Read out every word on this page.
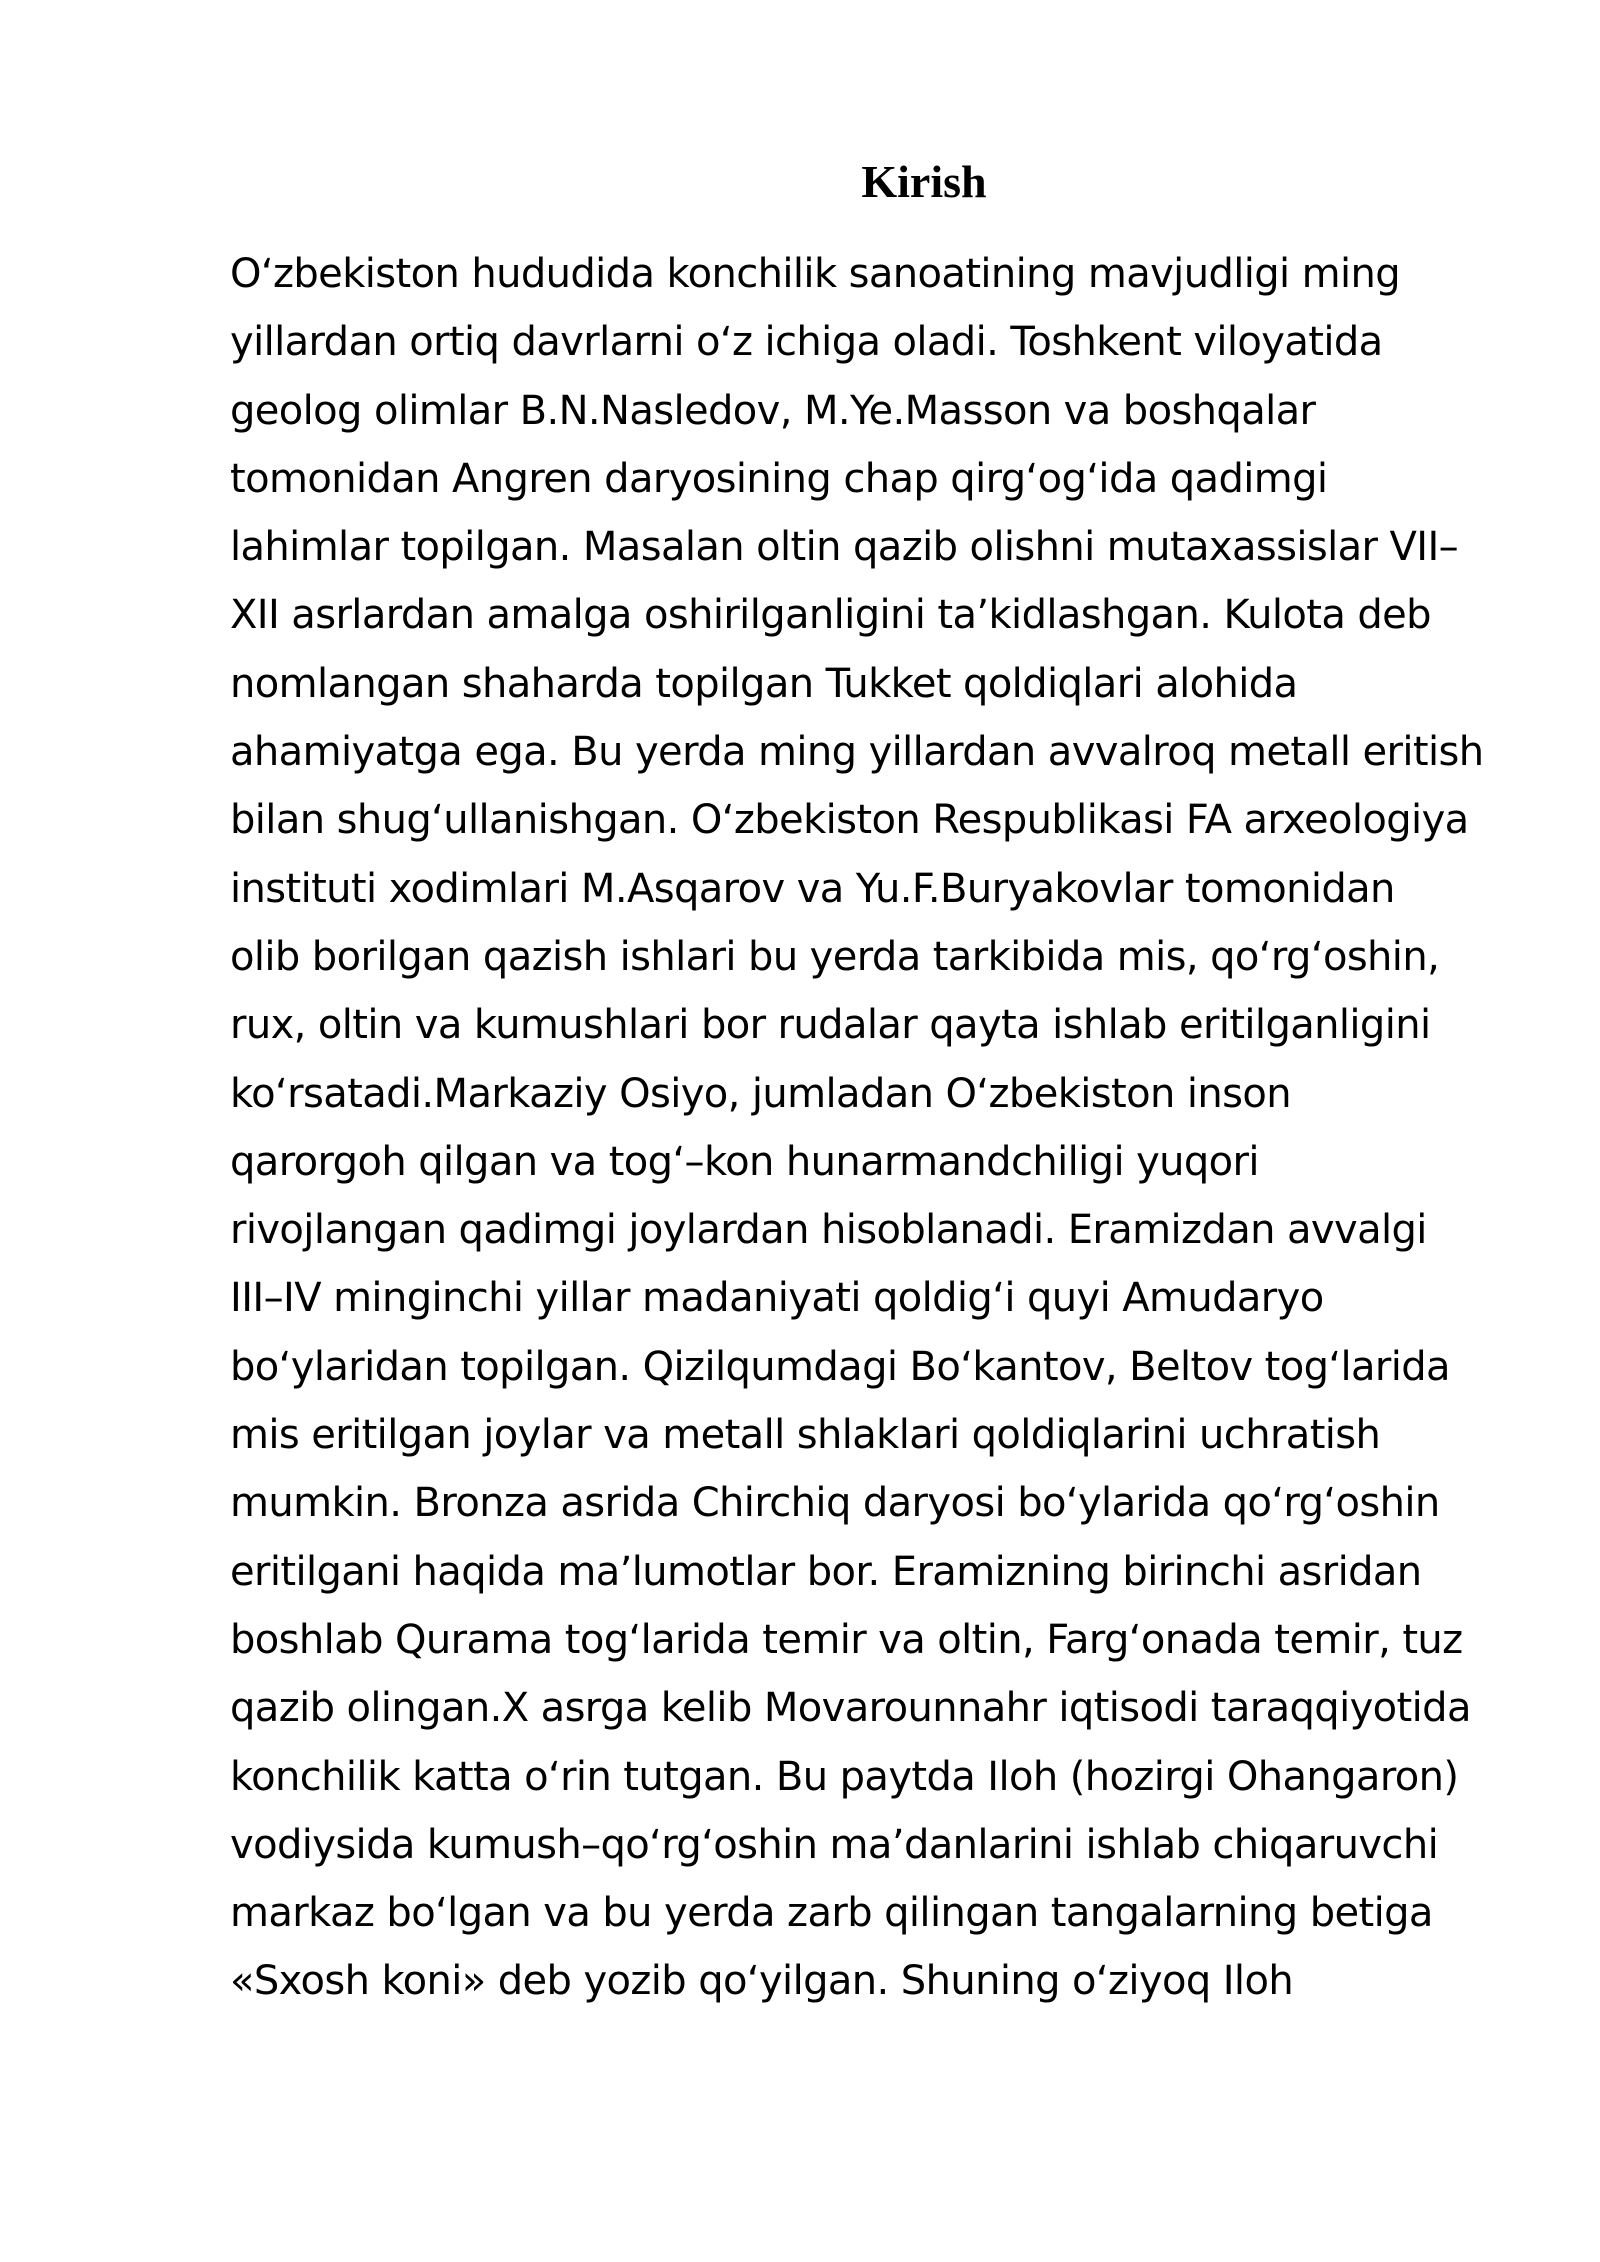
Kirish
O‘zbekiston hududida konchilik sanoatining mavjudligi ming
yillardan ortiq davrlarni o‘z ichiga oladi. Toshkent viloyatida
geolog olimlar B.N.Nasledov, M.Ye.Masson va boshqalar
tomonidan Angren daryosining chap qirg‘og‘ida qadimgi
lahimlar topilgan. Masalan oltin qazib olishni mutaxassislar VII–
XII asrlardan amalga oshirilganligini ta’kidlashgan. Kulota deb
nomlangan shaharda topilgan Tukket qoldiqlari alohida
ahamiyatga ega. Bu yerda ming yillardan avvalroq metall eritish
bilan shug‘ullanishgan. O‘zbekiston Respublikasi FA arxeologiya
instituti xodimlari M.Asqarov va Yu.F.Buryakovlar tomonidan
olib borilgan qazish ishlari bu yerda tarkibida mis, qo‘rg‘oshin,
rux, oltin va kumushlari bor rudalar qayta ishlab eritilganligini
ko‘rsatadi.Markaziy Osiyo, jumladan O‘zbekiston inson
qarorgoh qilgan va tog‘–kon hunarmandchiligi yuqori
rivojlangan qadimgi joylardan hisoblanadi. Eramizdan avvalgi
III–IV minginchi yillar madaniyati qoldig‘i quyi Amudaryo
bo‘ylaridan topilgan. Qizilqumdagi Bo‘kantov, Beltov tog‘larida
mis eritilgan joylar va metall shlaklari qoldiqlarini uchratish
mumkin. Bronza asrida Chirchiq daryosi bo‘ylarida qo‘rg‘oshin
eritilgani haqida ma’lumotlar bor. Eramizning birinchi asridan
boshlab Qurama tog‘larida temir va oltin, Farg‘onada temir, tuz
qazib olingan.X asrga kelib Movarounnahr iqtisodi taraqqiyotida
konchilik katta o‘rin tutgan. Bu paytda Iloh (hozirgi Ohangaron)
vodiysida kumush–qo‘rg‘oshin ma’danlarini ishlab chiqaruvchi
markaz bo‘lgan va bu yerda zarb qilingan tangalarning betiga
«Sxosh koni» deb yozib qo‘yilgan. Shuning o‘ziyoq Iloh
